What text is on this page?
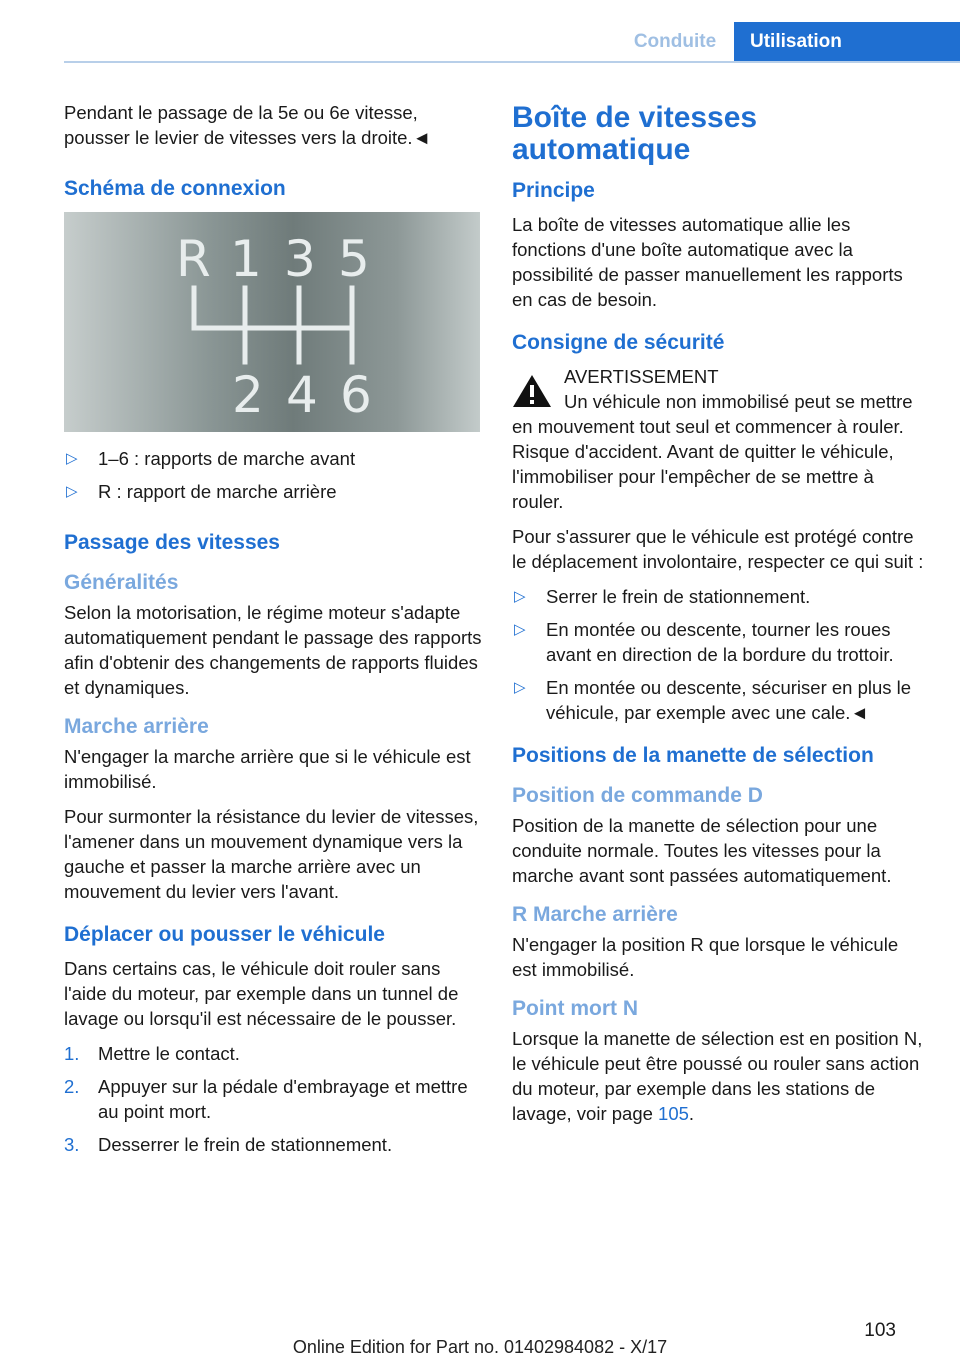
Conduite	Utilisation

Pendant le passage de la 5e ou 6e vitesse, pousser le levier de vitesses vers la droite.◄

Schéma de connexion
R 1 3 5
2 4 6
▷ 1–6 : rapports de marche avant
▷ R : rapport de marche arrière
Passage des vitesses
Généralités

Selon la motorisation, le régime moteur s'adapte automatiquement pendant le passage des rapports afin d'obtenir des changements de rapports fluides et dynamiques.

Marche arrière

N'engager la marche arrière que si le véhicule est immobilisé.

Pour surmonter la résistance du levier de vitesses, l'amener dans un mouvement dynamique vers la gauche et passer la marche arrière avec un mouvement du levier vers l'avant.

Déplacer ou pousser le véhicule

Dans certains cas, le véhicule doit rouler sans l'aide du moteur, par exemple dans un tunnel de lavage ou lorsqu'il est nécessaire de le pousser.

1. Mettre le contact.
2. Appuyer sur la pédale d'embrayage et mettre au point mort.
3. Desserrer le frein de stationnement.
Boîte de vitesses automatique
Principe

La boîte de vitesses automatique allie les fonctions d'une boîte automatique avec la possibilité de passer manuellement les rapports en cas de besoin.

Consigne de sécurité
AVERTISSEMENT

Un véhicule non immobilisé peut se mettre en mouvement tout seul et commencer à rouler. Risque d'accident. Avant de quitter le véhicule, l'immobiliser pour l'empêcher de se mettre à rouler.

Pour s'assurer que le véhicule est protégé contre le déplacement involontaire, respecter ce qui suit :

▷ Serrer le frein de stationnement.
▷ En montée ou descente, tourner les roues avant en direction de la bordure du trottoir.
▷ En montée ou descente, sécuriser en plus le véhicule, par exemple avec une cale.◄
Positions de la manette de sélection
Position de commande D

Position de la manette de sélection pour une conduite normale. Toutes les vitesses pour la marche avant sont passées automatiquement.

R Marche arrière

N'engager la position R que lorsque le véhicule est immobilisé.

Point mort N

Lorsque la manette de sélection est en position N, le véhicule peut être poussé ou rouler sans action du moteur, par exemple dans les stations de lavage, voir page 105.

103
Online Edition for Part no. 01402984082 - X/17
